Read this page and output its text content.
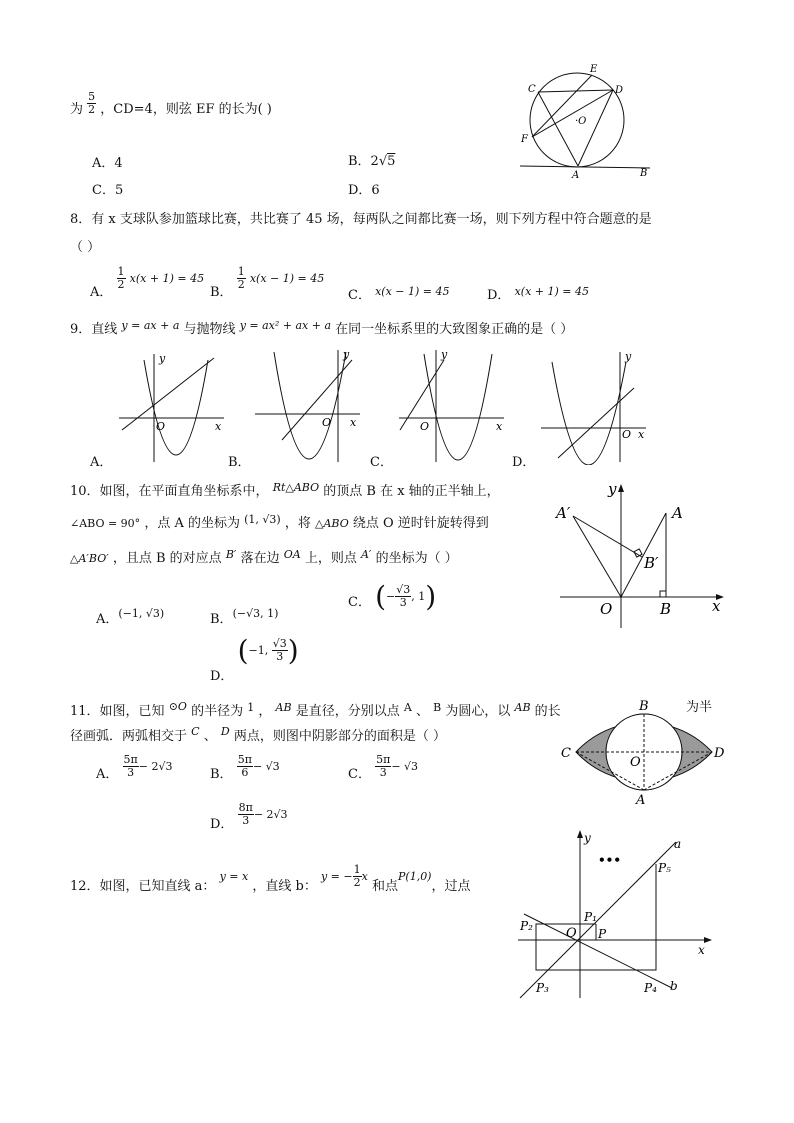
为 $\frac{5}{2}$ ，CD=4，则弦 EF 的长为( )
A．4	B．2√5
C．5	D．6
C
E
D
F
·O
A	B
8．有 x 支球队参加篮球比赛，共比赛了 45 场，每两队之间都比赛一场，则下列方程中符合题意的是
（ ）
A．
$\frac{1}{2} x(x + 1) = 45$
B．
$\frac{1}{2} x(x - 1) = 45$
C． x(x − 1) = 45	D． x(x + 1) = 45
9．直线 $^{y = ax + a}$ 与抛物线 $^{y = ax^2 + ax + a}$ 在同一坐标系里的大致图象正确的是（ ）
y
x
O
A．
y
x
O
B．
y
x
O
C．
y
x
O
D．
10．如图，在平面直角坐标系中， $^{Rt\triangle ABO}$ 的顶点 B 在 x 轴的正半轴上，
∠ABO = 90° ，点 A 的坐标为 $^{(1, √3)}$ ，将 △ABO 绕点 O 逆时针旋转得到
△A′BO′ ，且点 B 的对应点 $^{B'}$ 落在边 $^{OA}$ 上，则点 $^{A'}$ 的坐标为（ ）
A．(−1, √3)	B．(−√3, 1)
C． (− $\frac{√3}{3}$ , 1)
D． (−1, $\frac{√3}{3}$ )
y
A′	A
B′
O	B	x
11．如图，已知 $^{⊙O}$ 的半径为 $^1$ ， $^{AB}$ 是直径，分别以点 $^A$ 、 $^B$ 为圆心，以 $^{AB}$ 的长	为半
径画弧．两弧相交于 $^C$ 、 $^D$ 两点，则图中阴影部分的面积是（ ）
A． $\frac{5\pi}{3} - 2√3$
B． $\frac{5\pi}{6} - √3$
C． $\frac{5\pi}{3} - √3$
D． $\frac{8\pi}{3} - 2√3$
B
C
O
D
A
12．如图，已知直线 a： y = x ，直线 b： y = − $\frac{1}{2}$ x 和点P(1,0)，过点
y	a
•••
P₅
P₁
P₂	O P
x
P₃	P₄ b
